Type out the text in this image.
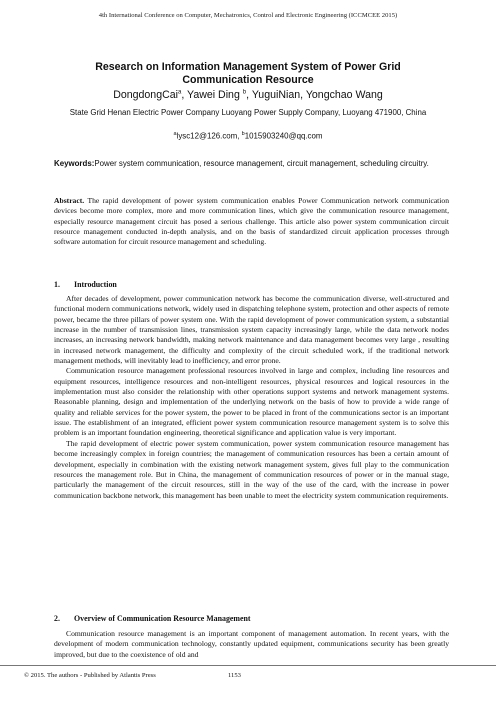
4th International Conference on Computer, Mechatronics, Control and Electronic Engineering (ICCMCEE 2015)
Research on Information Management System of Power Grid
Communication Resource
DongdongCai$^a$, Yawei Ding $^b$, YuguiNian, Yongchao Wang
State Grid Henan Electric Power Company Luoyang Power Supply Company, Luoyang 471900, China
$^a$lysc12@126.com, $^b$1015903240@qq.com
Keywords:Power system communication, resource management, circuit management, scheduling circuitry.
Abstract. The rapid development of power system communication enables Power Communication network communication devices become more complex, more and more communication lines, which give the communication resource management, especially resource management circuit has posed a serious challenge. This article also power system communication circuit resource management conducted in-depth analysis, and on the basis of standardized circuit application processes through software automation for circuit resource management and scheduling.
1. Introduction

After decades of development, power communication network has become the communication diverse, well-structured and functional modern communications network, widely used in dispatching telephone system, protection and other aspects of remote power, became the three pillars of power system one. With the rapid development of power communication system, a substantial increase in the number of transmission lines, transmission system capacity increasingly large, while the data network nodes increases, an increasing network bandwidth, making network maintenance and data management becomes very large , resulting in increased network management, the difficulty and complexity of the circuit scheduled work, if the traditional network management methods, will inevitably lead to inefficiency, and error prone.

Communication resource management professional resources involved in large and complex, including line resources and equipment resources, intelligence resources and non-intelligent resources, physical resources and logical resources in the implementation must also consider the relationship with other operations support systems and network management systems. Reasonable planning, design and implementation of the underlying network on the basis of how to provide a wide range of quality and reliable services for the power system, the power to be placed in front of the communications sector is an important issue. The establishment of an integrated, efficient power system communication resource management system is to solve this problem is an important foundation engineering, theoretical significance and application value is very important.

The rapid development of electric power system communication, power system communication resource management has become increasingly complex in foreign countries; the management of communication resources has been a certain amount of development, especially in combination with the existing network management system, gives full play to the communication resources the management role. But in China, the management of communication resources of power or in the manual stage, particularly the management of the circuit resources, still in the way of the use of the card, with the increase in power communication backbone network, this management has been unable to meet the electricity system communication requirements.

2. Overview of Communication Resource Management

Communication resource management is an important component of management automation. In recent years, with the development of modern communication technology, constantly updated equipment, communications security has been greatly improved, but due to the coexistence of old and

© 2015. The authors - Published by Atlantis Press	1153
